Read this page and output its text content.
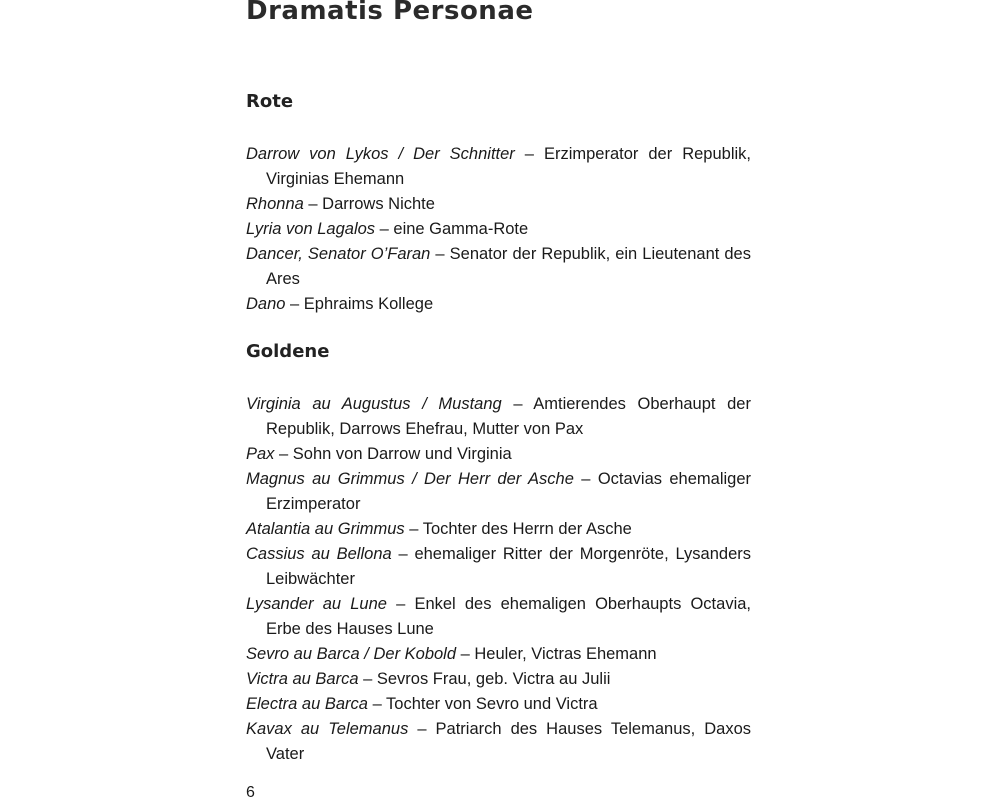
Dramatis Personae
Rote
Darrow von Lykos / Der Schnitter – Erzimperator der Republik, Virginias Ehemann
Rhonna – Darrows Nichte
Lyria von Lagalos – eine Gamma-Rote
Dancer, Senator O’Faran – Senator der Republik, ein Lieutenant des Ares
Dano – Ephraims Kollege
Goldene
Virginia au Augustus / Mustang – Amtierendes Oberhaupt der Republik, Darrows Ehefrau, Mutter von Pax
Pax – Sohn von Darrow und Virginia
Magnus au Grimmus / Der Herr der Asche – Octavias ehemaliger Erzimperator
Atalantia au Grimmus – Tochter des Herrn der Asche
Cassius au Bellona – ehemaliger Ritter der Morgenröte, Lysanders Leibwächter
Lysander au Lune – Enkel des ehemaligen Oberhaupts Octavia, Erbe des Hauses Lune
Sevro au Barca / Der Kobold – Heuler, Victras Ehemann
Victra au Barca – Sevros Frau, geb. Victra au Julii
Electra au Barca – Tochter von Sevro und Victra
Kavax au Telemanus – Patriarch des Hauses Telemanus, Daxos Vater
6
